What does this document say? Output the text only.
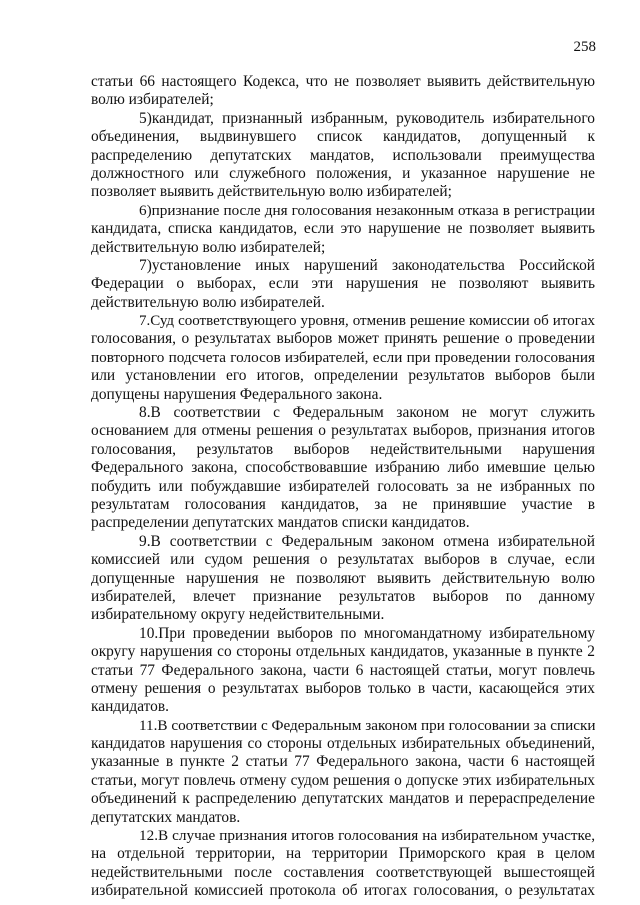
258
статьи 66 настоящего Кодекса, что не позволяет выявить действительную
волю избирателей;
5)кандидат, признанный избранным, руководитель избирательного
объединения, выдвинувшего список кандидатов, допущенный к
распределению депутатских мандатов, использовали преимущества
должностного или служебного положения, и указанное нарушение не
позволяет выявить действительную волю избирателей;
6)признание после дня голосования незаконным отказа в регистрации
кандидата, списка кандидатов, если это нарушение не позволяет выявить
действительную волю избирателей;
7)установление иных нарушений законодательства Российской
Федерации о выборах, если эти нарушения не позволяют выявить
действительную волю избирателей.
7.Суд соответствующего уровня, отменив решение комиссии об итогах
голосования, о результатах выборов может принять решение о проведении
повторного подсчета голосов избирателей, если при проведении голосования
или установлении его итогов, определении результатов выборов были
допущены нарушения Федерального закона.
8.В соответствии с Федеральным законом не могут служить
основанием для отмены решения о результатах выборов, признания итогов
голосования, результатов выборов недействительными нарушения
Федерального закона, способствовавшие избранию либо имевшие целью
побудить или побуждавшие избирателей голосовать за не избранных по
результатам голосования кандидатов, за не принявшие участие в
распределении депутатских мандатов списки кандидатов.
9.В соответствии с Федеральным законом отмена избирательной
комиссией или судом решения о результатах выборов в случае, если
допущенные нарушения не позволяют выявить действительную волю
избирателей, влечет признание результатов выборов по данному
избирательному округу недействительными.
10.При проведении выборов по многомандатному избирательному
округу нарушения со стороны отдельных кандидатов, указанные в пункте 2
статьи 77 Федерального закона, части 6 настоящей статьи, могут повлечь
отмену решения о результатах выборов только в части, касающейся этих
кандидатов.
11.В соответствии с Федеральным законом при голосовании за списки
кандидатов нарушения со стороны отдельных избирательных объединений,
указанные в пункте 2 статьи 77 Федерального закона, части 6 настоящей
статьи, могут повлечь отмену судом решения о допуске этих избирательных
объединений к распределению депутатских мандатов и перераспределение
депутатских мандатов.
12.В случае признания итогов голосования на избирательном участке,
на отдельной территории, на территории Приморского края в целом
недействительными после составления соответствующей вышестоящей
избирательной комиссией протокола об итогах голосования, о результатах
